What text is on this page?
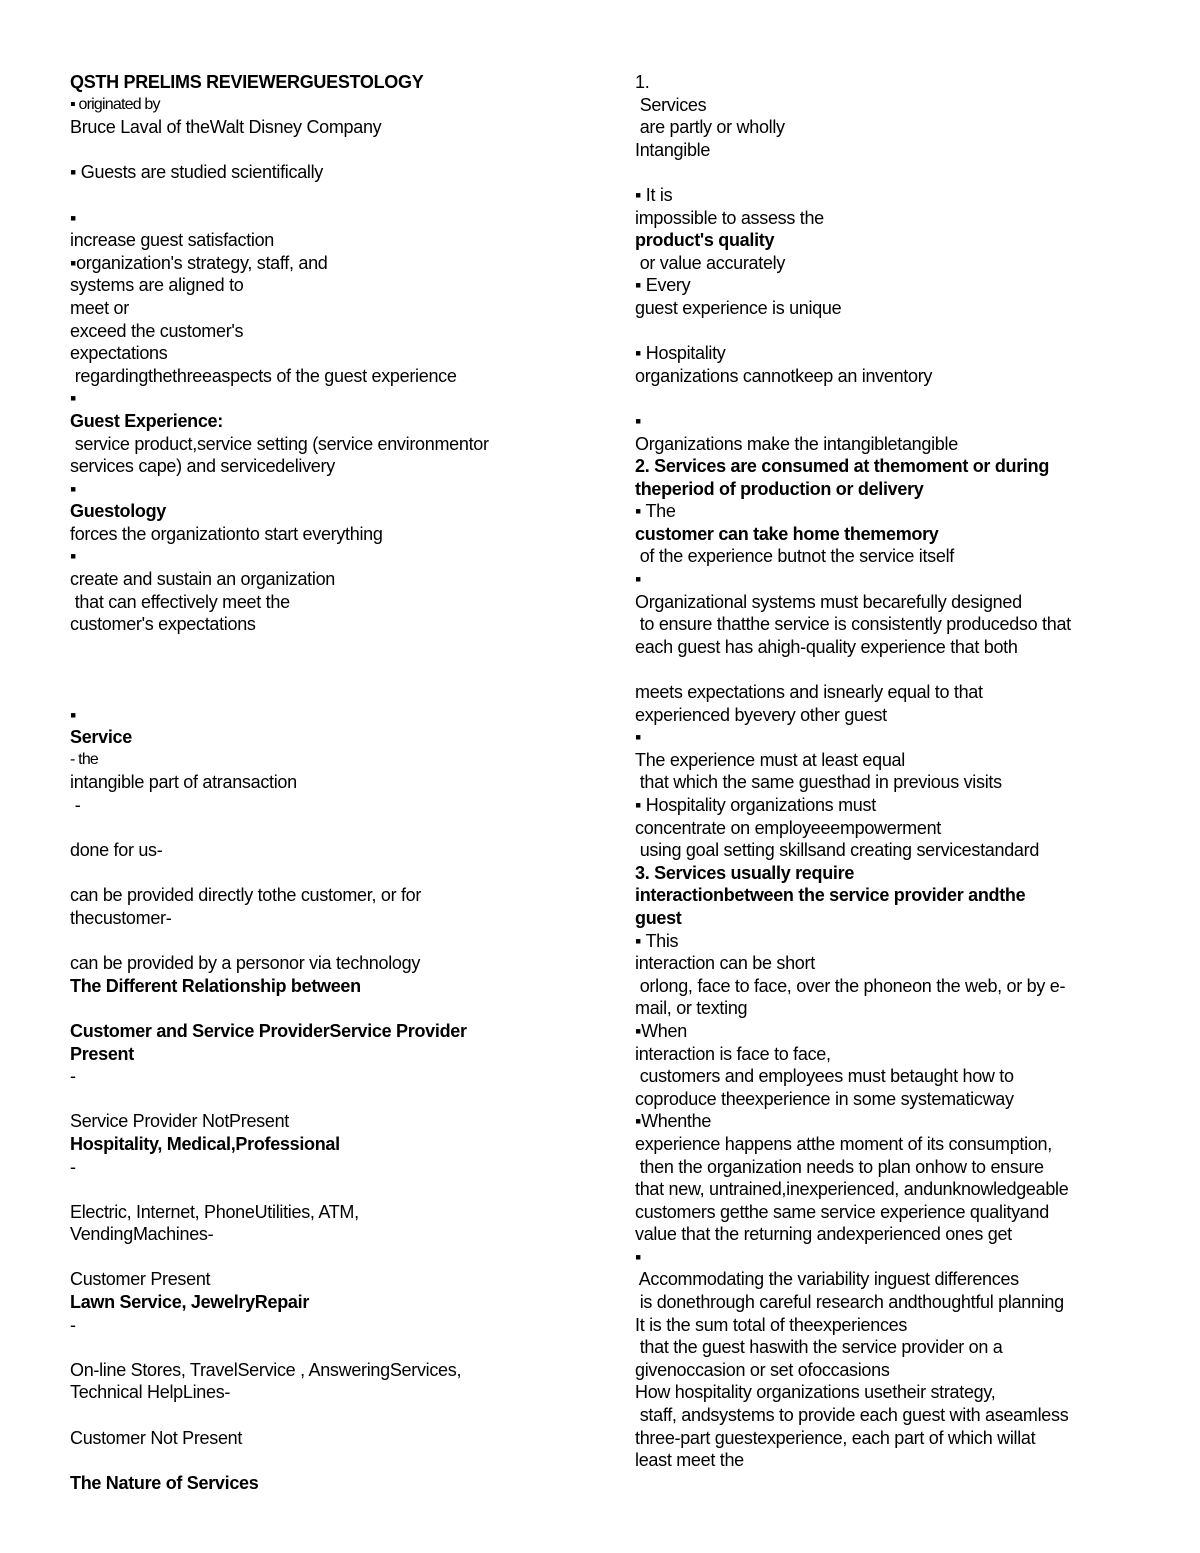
QSTH PRELIMS REVIEWERGUESTOLOGY
▪ originated by
Bruce Laval of theWalt Disney Company
▪ Guests are studied scientifically
▪
increase guest satisfaction
▪organization's strategy, staff, and
systems are aligned to
meet or
exceed the customer's
expectations
regardingthethreeaspects of the guest experience
▪
Guest Experience:
service product,service setting (service environmentor
services cape) and servicedelivery
▪
Guestology
forces the organizationto start everything
▪
create and sustain an organization
that can effectively meet the
customer's expectations
▪
Service
- the
intangible part of atransaction
-
done for us-
can be provided directly tothe customer, or for
thecustomer-
can be provided by a personor via technology
The Different Relationship between
Customer and Service ProviderService Provider
Present
-
Service Provider NotPresent
Hospitality, Medical,Professional
-
Electric, Internet, PhoneUtilities, ATM,
VendingMachines-
Customer Present
Lawn Service, JewelryRepair
-
On-line Stores, TravelService , AnsweringServices,
Technical HelpLines-
Customer Not Present
The Nature of Services
1.
Services
are partly or wholly
Intangible
▪ It is
impossible to assess the
product's quality
or value accurately
▪ Every
guest experience is unique
▪ Hospitality
organizations cannotkeep an inventory
▪
Organizations make the intangibletangible
2. Services are consumed at themoment or during
theperiod of production or delivery
▪ The
customer can take home thememory
of the experience butnot the service itself
▪
Organizational systems must becarefully designed
to ensure thatthe service is consistently producedso that
each guest has ahigh-quality experience that both
meets expectations and isnearly equal to that
experienced byevery other guest
▪
The experience must at least equal
that which the same guesthad in previous visits
▪ Hospitality organizations must
concentrate on employeeempowerment
using goal setting skillsand creating servicestandard
3. Services usually require
interactionbetween the service provider andthe
guest
▪ This
interaction can be short
orlong, face to face, over the phoneon the web, or by e-
mail, or texting
▪When
interaction is face to face,
customers and employees must betaught how to
coproduce theexperience in some systematicway
▪Whenthe
experience happens atthe moment of its consumption,
then the organization needs to plan onhow to ensure
that new, untrained,inexperienced, andunknowledgeable
customers getthe same service experience qualityand
value that the returning andexperienced ones get
▪
Accommodating the variability inguest differences
is donethrough careful research andthoughtful planning
It is the sum total of theexperiences
that the guest haswith the service provider on a
givenoccasion or set ofoccasions
How hospitality organizations usetheir strategy,
staff, andsystems to provide each guest with aseamless
three-part guestexperience, each part of which willat
least meet the
